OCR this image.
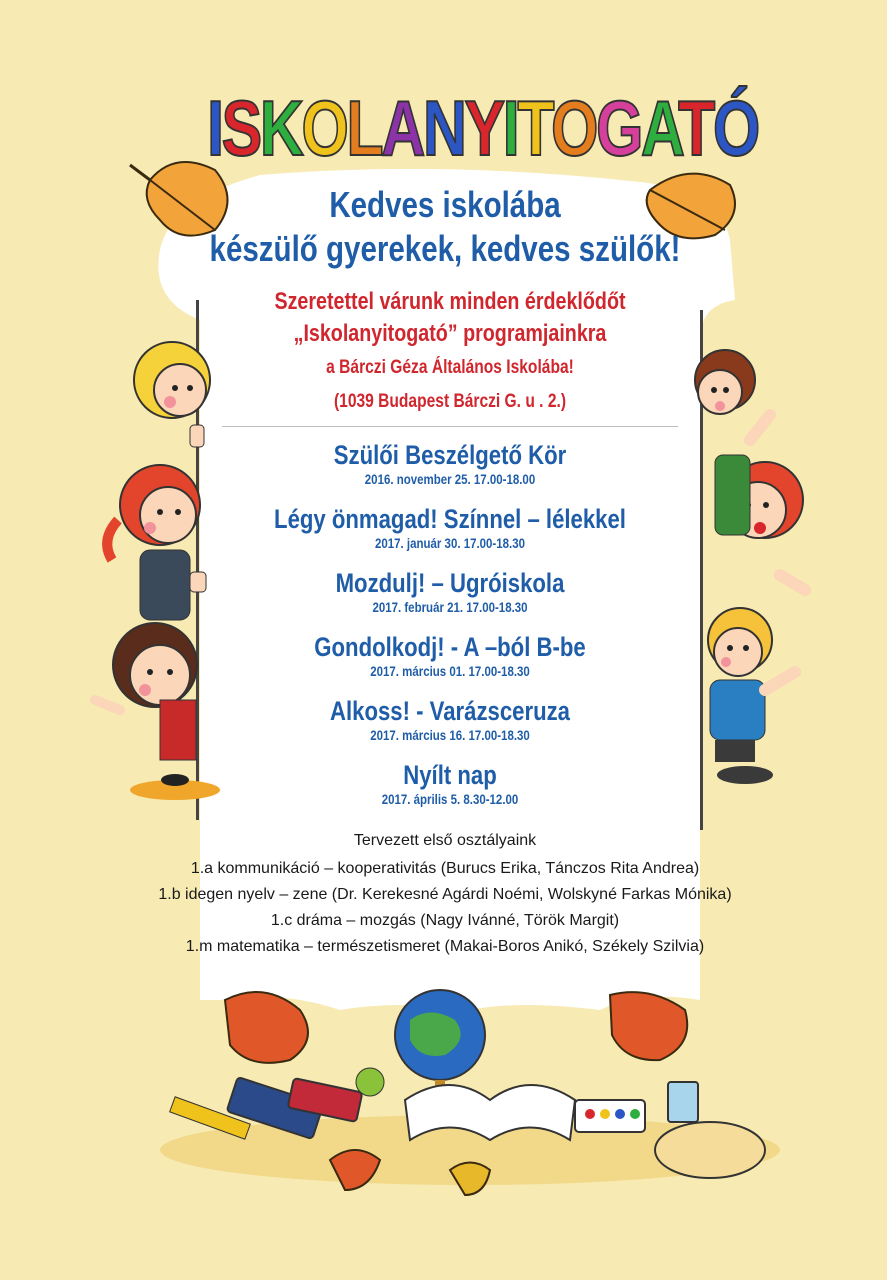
ISKOLANYITOGATÓ
Kedves iskolába
készülő gyerekek, kedves szülők!
Szeretettel várunk minden érdeklődőt
„Iskolanyitogató” programjainkra
a Bárczi Géza Általános Iskolába!
(1039 Budapest Bárczi G. u . 2.)
Szülői Beszélgető Kör
2016. november 25. 17.00-18.00
Légy önmagad! Színnel – lélekkel
2017. január 30. 17.00-18.30
Mozdulj! – Ugróiskola
2017. február 21. 17.00-18.30
Gondolkodj! - A –ból B-be
2017. március 01. 17.00-18.30
Alkoss! - Varázsceruza
2017. március 16. 17.00-18.30
Nyílt nap
2017. április 5. 8.30-12.00
Tervezett első osztályaink
1.a kommunikáció – kooperativitás (Burucs Erika, Tánczos Rita Andrea)
1.b idegen nyelv – zene (Dr. Kerekesné Agárdi Noémi, Wolskyné Farkas Mónika)
1.c dráma – mozgás (Nagy Ivánné, Török Margit)
1.m matematika – természetismeret (Makai-Boros Anikó, Székely Szilvia)
